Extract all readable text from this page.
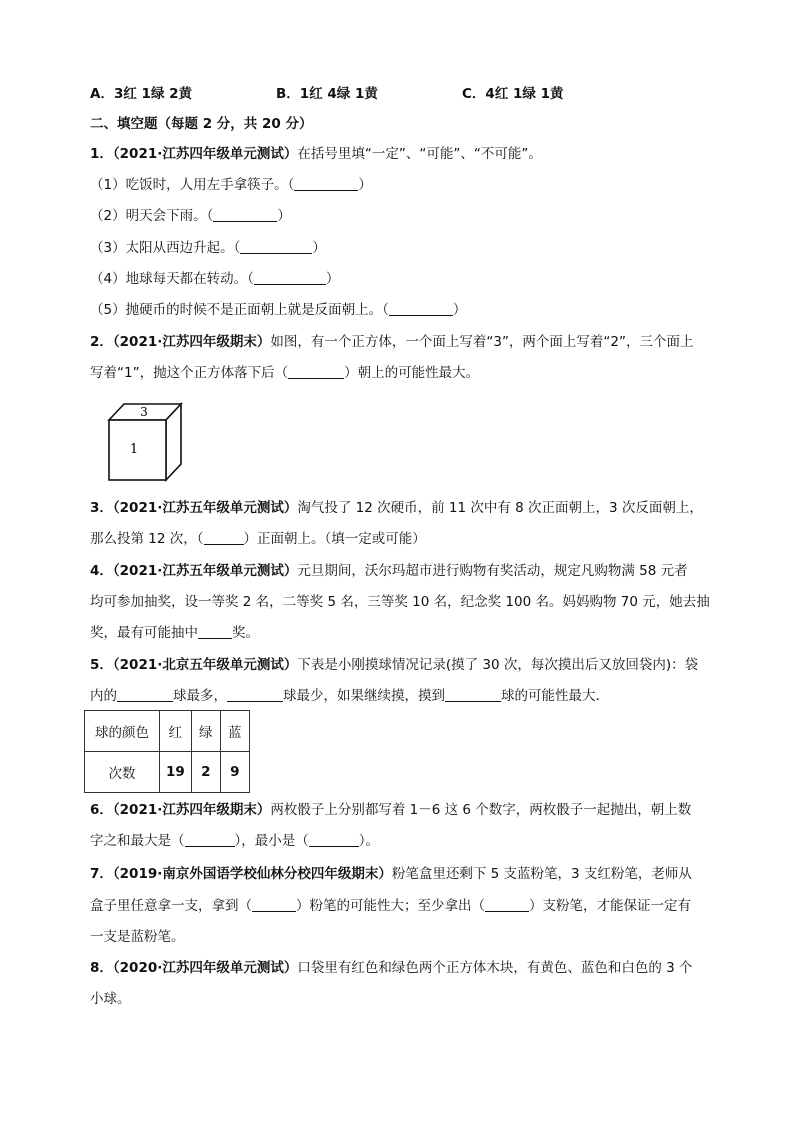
A．3红 1绿 2黄	B．1红 4绿 1黄	C．4红 1绿 1黄
二、填空题（每题 2 分，共 20 分）
1．（2021·江苏四年级单元测试）在括号里填“一定”、“可能”、“不可能”。
（1）吃饭时，人用左手拿筷子。（	）
（2）明天会下雨。（	）
（3）太阳从西边升起。（	）
（4）地球每天都在转动。（	）
（5）抛硬币的时候不是正面朝上就是反面朝上。（	）
2．（2021·江苏四年级期末）如图，有一个正方体，一个面上写着“3”，两个面上写着“2”，三个面上
写着“1”，抛这个正方体落下后（	）朝上的可能性最大。
3
1
3．（2021·江苏五年级单元测试）淘气投了 12 次硬币，前 11 次中有 8 次正面朝上，3 次反面朝上，
那么投第 12 次，（	）正面朝上。（填一定或可能）
4．（2021·江苏五年级单元测试）元旦期间，沃尔玛超市进行购物有奖活动，规定凡购物满 58 元者
均可参加抽奖，设一等奖 2 名，二等奖 5 名，三等奖 10 名，纪念奖 100 名。妈妈购物 70 元，她去抽
奖，最有可能抽中	奖。
5．（2021·北京五年级单元测试）下表是小刚摸球情况记录(摸了 30 次，每次摸出后又放回袋内)：袋
内的	球最多，	球最少，如果继续摸，摸到	球的可能性最大．
球的颜色	红	绿	蓝
次数	19	2	9
6．（2021·江苏四年级期末）两枚骰子上分别都写着 1－6 这 6 个数字，两枚骰子一起抛出，朝上数
字之和最大是（	），最小是（	）。
7．（2019·南京外国语学校仙林分校四年级期末）粉笔盒里还剩下 5 支蓝粉笔，3 支红粉笔，老师从
盒子里任意拿一支，拿到（	）粉笔的可能性大；至少拿出（	）支粉笔，才能保证一定有
一支是蓝粉笔。
8．（2020·江苏四年级单元测试）口袋里有红色和绿色两个正方体木块，有黄色、蓝色和白色的 3 个
小球。
